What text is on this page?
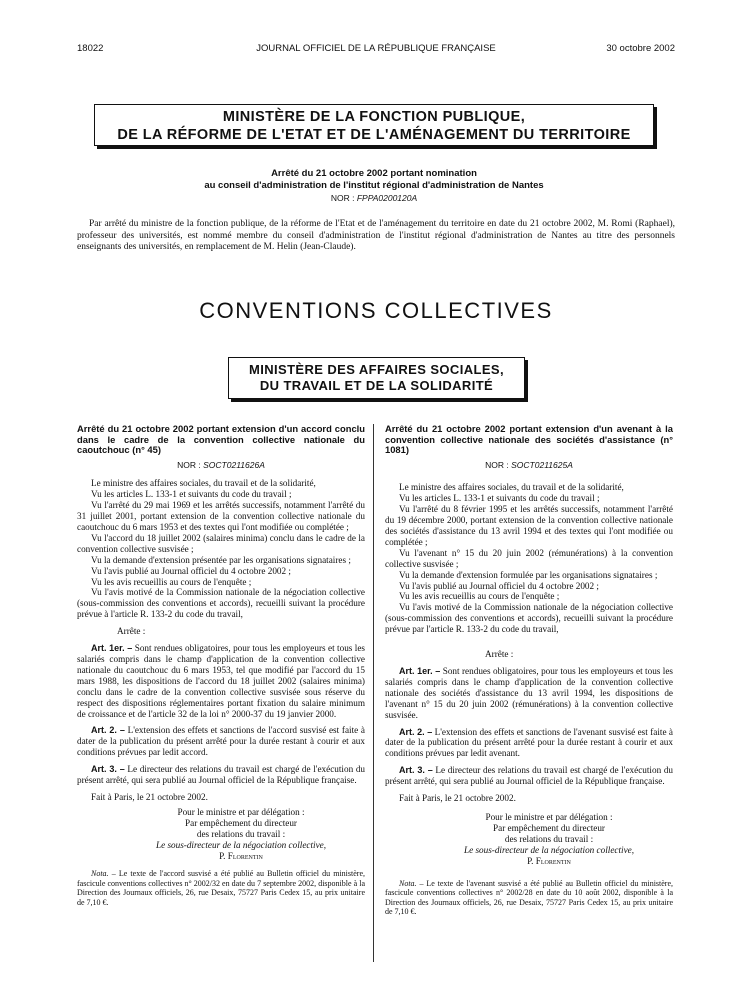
18022	JOURNAL OFFICIEL DE LA RÉPUBLIQUE FRANÇAISE	30 octobre 2002
MINISTÈRE DE LA FONCTION PUBLIQUE,
DE LA RÉFORME DE L'ETAT ET DE L'AMÉNAGEMENT DU TERRITOIRE
Arrêté du 21 octobre 2002 portant nomination
au conseil d'administration de l'institut régional d'administration de Nantes
NOR : FPPA0200120A
Par arrêté du ministre de la fonction publique, de la réforme de l'Etat et de l'aménagement du territoire en date du 21 octobre 2002, M. Romi (Raphael), professeur des universités, est nommé membre du conseil d'administration de l'institut régional d'administration de Nantes au titre des personnels enseignants des universités, en remplacement de M. Helin (Jean-Claude).
CONVENTIONS COLLECTIVES
MINISTÈRE DES AFFAIRES SOCIALES,
DU TRAVAIL ET DE LA SOLIDARITÉ

Arrêté du 21 octobre 2002 portant extension d'un accord conclu dans le cadre de la convention collective nationale du caoutchouc (n° 45)

NOR : SOCT0211626A

Le ministre des affaires sociales, du travail et de la solidarité,

Vu les articles L. 133-1 et suivants du code du travail ;

Vu l'arrêté du 29 mai 1969 et les arrêtés successifs, notamment l'arrêté du 31 juillet 2001, portant extension de la convention collective nationale du caoutchouc du 6 mars 1953 et des textes qui l'ont modifiée ou complétée ;

Vu l'accord du 18 juillet 2002 (salaires minima) conclu dans le cadre de la convention collective susvisée ;

Vu la demande d'extension présentée par les organisations signataires ;

Vu l'avis publié au Journal officiel du 4 octobre 2002 ;

Vu les avis recueillis au cours de l'enquête ;

Vu l'avis motivé de la Commission nationale de la négociation collective (sous-commission des conventions et accords), recueilli suivant la procédure prévue à l'article R. 133-2 du code du travail,

Arrête :

Art. 1er. – Sont rendues obligatoires, pour tous les employeurs et tous les salariés compris dans le champ d'application de la convention collective nationale du caoutchouc du 6 mars 1953, tel que modifié par l'accord du 15 mars 1988, les dispositions de l'accord du 18 juillet 2002 (salaires minima) conclu dans le cadre de la convention collective susvisée sous réserve du respect des dispositions réglementaires portant fixation du salaire minimum de croissance et de l'article 32 de la loi n° 2000-37 du 19 janvier 2000.

Art. 2. – L'extension des effets et sanctions de l'accord susvisé est faite à dater de la publication du présent arrêté pour la durée restant à courir et aux conditions prévues par ledit accord.

Art. 3. – Le directeur des relations du travail est chargé de l'exécution du présent arrêté, qui sera publié au Journal officiel de la République française.

Fait à Paris, le 21 octobre 2002.

Pour le ministre et par délégation :

Par empêchement du directeur

des relations du travail :

Le sous-directeur de la négociation collective,

P. Florentin

Nota. – Le texte de l'accord susvisé a été publié au Bulletin officiel du ministère, fascicule conventions collectives n° 2002/32 en date du 7 septembre 2002, disponible à la Direction des Journaux officiels, 26, rue Desaix, 75727 Paris Cedex 15, au prix unitaire de 7,10 €.

Arrêté du 21 octobre 2002 portant extension d'un avenant à la convention collective nationale des sociétés d'assistance (n° 1081)

NOR : SOCT0211625A

Le ministre des affaires sociales, du travail et de la solidarité,

Vu les articles L. 133-1 et suivants du code du travail ;

Vu l'arrêté du 8 février 1995 et les arrêtés successifs, notamment l'arrêté du 19 décembre 2000, portant extension de la convention collective nationale des sociétés d'assistance du 13 avril 1994 et des textes qui l'ont modifiée ou complétée ;

Vu l'avenant n° 15 du 20 juin 2002 (rémunérations) à la convention collective susvisée ;

Vu la demande d'extension formulée par les organisations signataires ;

Vu l'avis publié au Journal officiel du 4 octobre 2002 ;

Vu les avis recueillis au cours de l'enquête ;

Vu l'avis motivé de la Commission nationale de la négociation collective (sous-commission des conventions et accords), recueilli suivant la procédure prévue par l'article R. 133-2 du code du travail,

Arrête :

Art. 1er. – Sont rendues obligatoires, pour tous les employeurs et tous les salariés compris dans le champ d'application de la convention collective nationale des sociétés d'assistance du 13 avril 1994, les dispositions de l'avenant n° 15 du 20 juin 2002 (rémunérations) à la convention collective susvisée.

Art. 2. – L'extension des effets et sanctions de l'avenant susvisé est faite à dater de la publication du présent arrêté pour la durée restant à courir et aux conditions prévues par ledit avenant.

Art. 3. – Le directeur des relations du travail est chargé de l'exécution du présent arrêté, qui sera publié au Journal officiel de la République française.

Fait à Paris, le 21 octobre 2002.

Pour le ministre et par délégation :

Par empêchement du directeur

des relations du travail :

Le sous-directeur de la négociation collective,

P. Florentin

Nota. – Le texte de l'avenant susvisé a été publié au Bulletin officiel du ministère, fascicule conventions collectives n° 2002/28 en date du 10 août 2002, disponible à la Direction des Journaux officiels, 26, rue Desaix, 75727 Paris Cedex 15, au prix unitaire de 7,10 €.
